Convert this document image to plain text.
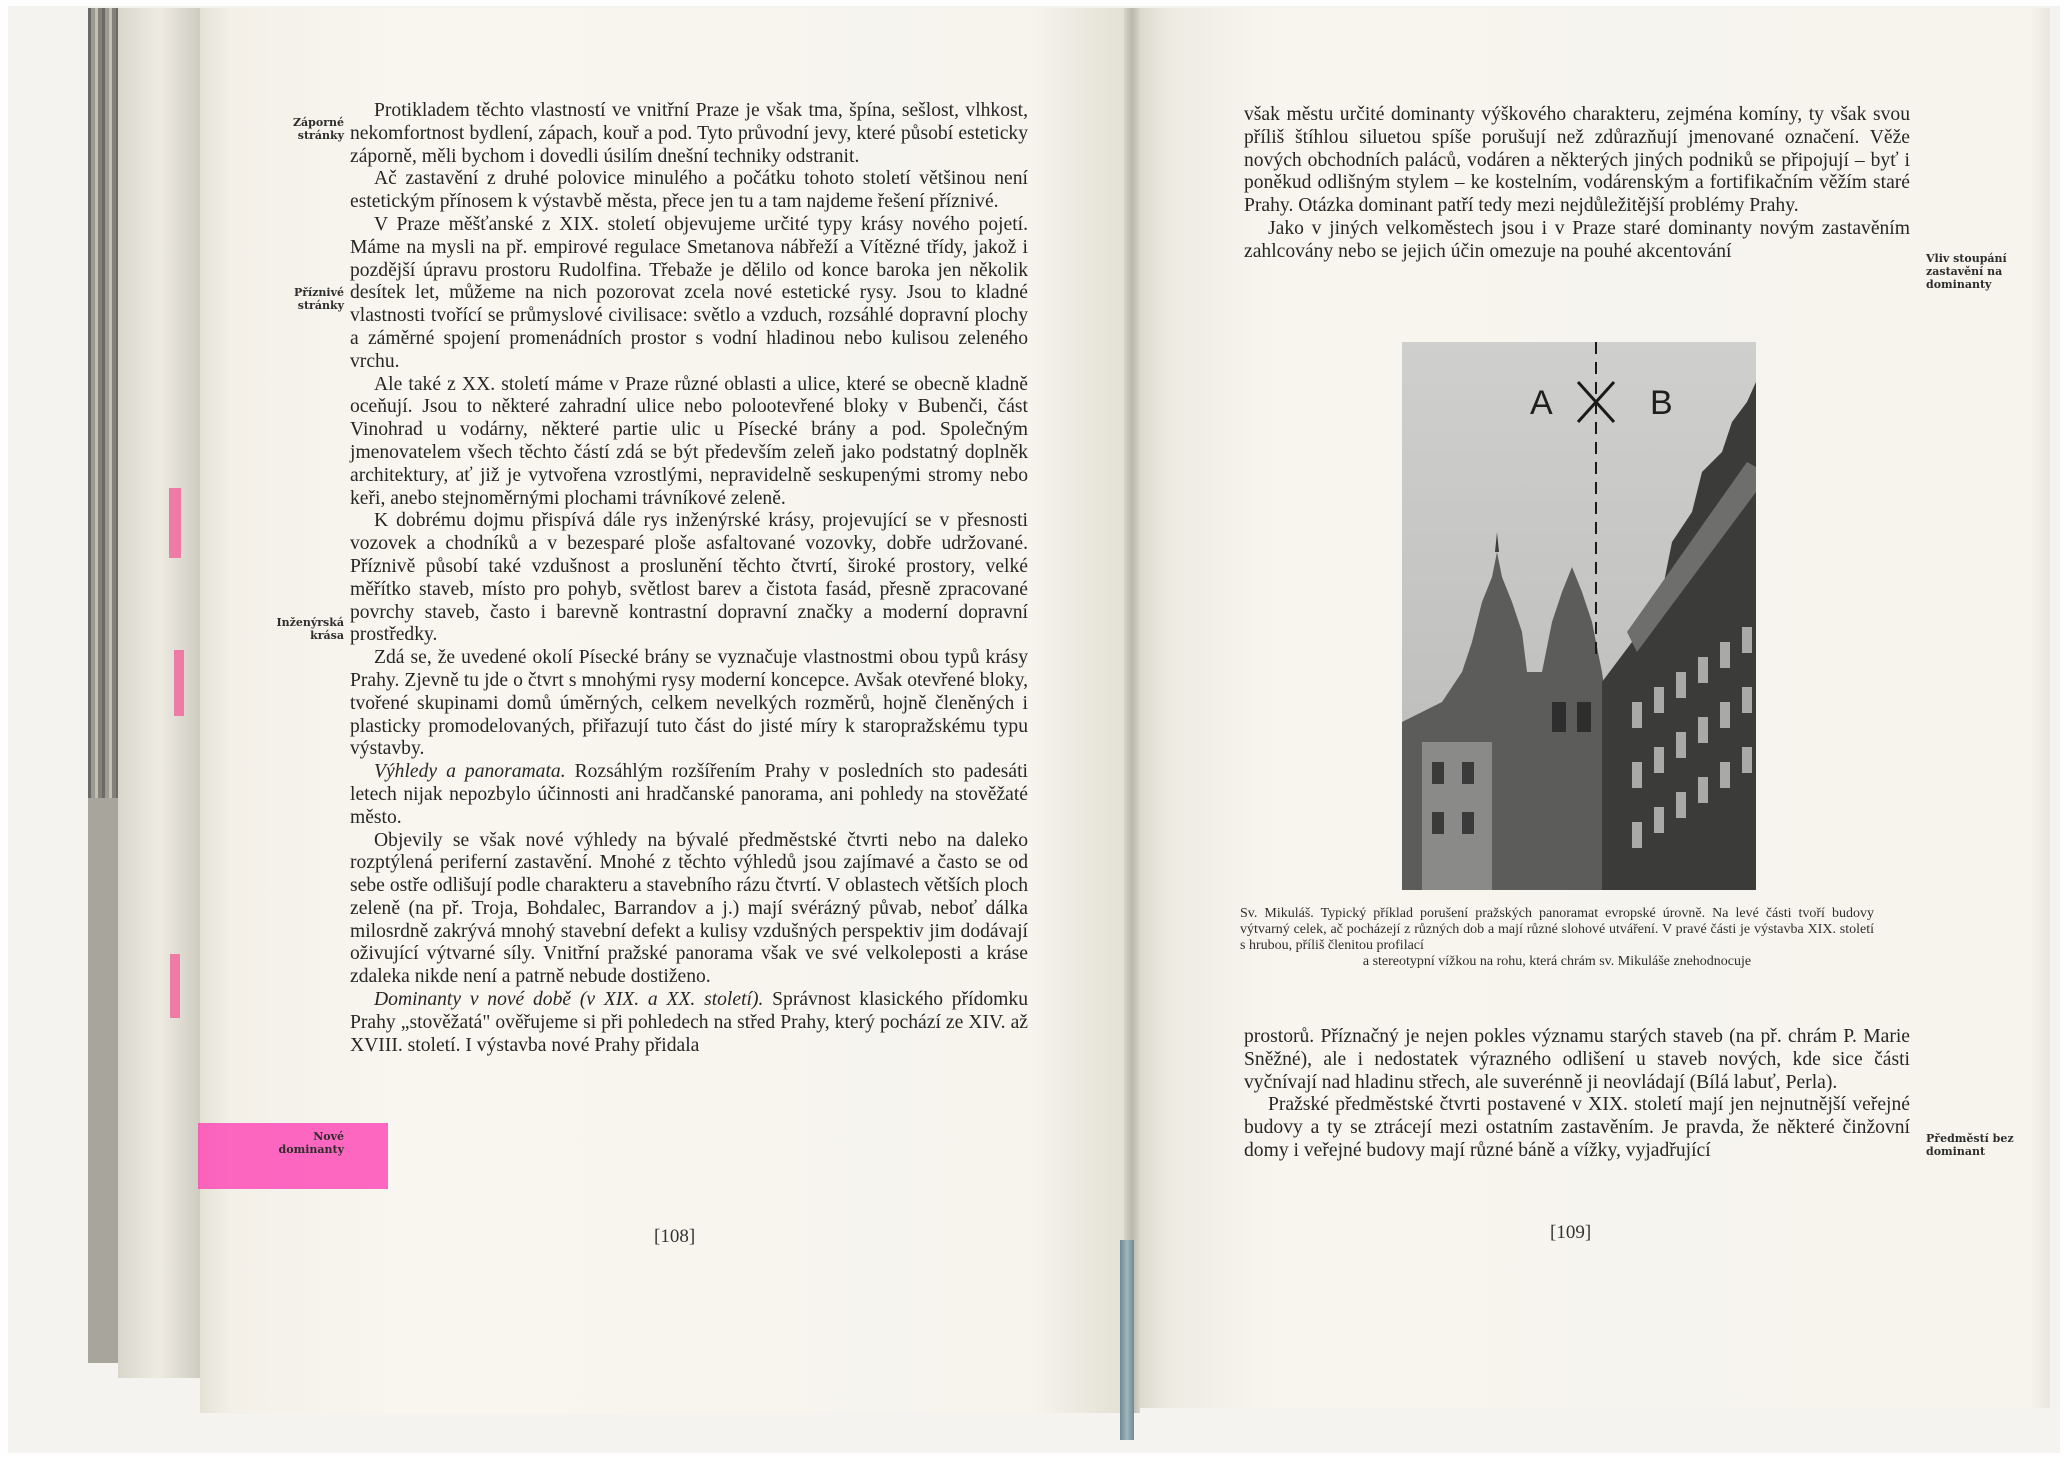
Záporné stránky
Příznivé stránky
Inženýrská krása
Nové dominanty

Protikladem těchto vlastností ve vnitřní Praze je však tma, špína, sešlost, vlhkost, nekomfortnost bydlení, zápach, kouř a pod. Tyto průvodní jevy, které působí esteticky záporně, měli bychom i dovedli úsilím dnešní techniky odstranit.

Ač zastavění z druhé polovice minulého a počátku tohoto století většinou není estetickým přínosem k výstavbě města, přece jen tu a tam najdeme řešení příznivé.

V Praze měšťanské z XIX. století objevujeme určité typy krásy nového pojetí. Máme na mysli na př. empirové regulace Smetanova nábřeží a Vítězné třídy, jakož i pozdější úpravu prostoru Rudolfina. Třebaže je dělilo od konce baroka jen několik desítek let, můžeme na nich pozorovat zcela nové estetické rysy. Jsou to kladné vlastnosti tvořící se průmyslové civilisace: světlo a vzduch, rozsáhlé dopravní plochy a záměrné spojení promenádních prostor s vodní hladinou nebo kulisou zeleného vrchu.

Ale také z XX. století máme v Praze různé oblasti a ulice, které se obecně kladně oceňují. Jsou to některé zahradní ulice nebo polootevřené bloky v Bubenči, část Vinohrad u vodárny, některé partie ulic u Písecké brány a pod. Společným jmenovatelem všech těchto částí zdá se být především zeleň jako podstatný doplněk architektury, ať již je vytvořena vzrostlými, nepravidelně seskupenými stromy nebo keři, anebo stejnoměrnými plochami trávníkové zeleně.

K dobrému dojmu přispívá dále rys inženýrské krásy, projevující se v přesnosti vozovek a chodníků a v bezesparé ploše asfaltované vozovky, dobře udržované. Příznivě působí také vzdušnost a proslunění těchto čtvrtí, široké prostory, velké měřítko staveb, místo pro pohyb, světlost barev a čistota fasád, přesně zpracované povrchy staveb, často i barevně kontrastní dopravní značky a moderní dopravní prostředky.

Zdá se, že uvedené okolí Písecké brány se vyznačuje vlastnostmi obou typů krásy Prahy. Zjevně tu jde o čtvrt s mnohými rysy moderní koncepce. Avšak otevřené bloky, tvořené skupinami domů úměrných, celkem nevelkých rozměrů, hojně členěných i plasticky promodelovaných, přiřazují tuto část do jisté míry k staropražskému typu výstavby.

Výhledy a panoramata. Rozsáhlým rozšířením Prahy v posledních sto padesáti letech nijak nepozbylo účinnosti ani hradčanské panorama, ani pohledy na stověžaté město.

Objevily se však nové výhledy na bývalé předměstské čtvrti nebo na daleko rozptýlená periferní zastavění. Mnohé z těchto výhledů jsou zajímavé a často se od sebe ostře odlišují podle charakteru a stavebního rázu čtvrtí. V oblastech větších ploch zeleně (na př. Troja, Bohdalec, Barrandov a j.) mají svérázný půvab, neboť dálka milosrdně zakrývá mnohý stavební defekt a kulisy vzdušných perspektiv jim dodávají oživující výtvarné síly. Vnitřní pražské panorama však ve své velkoleposti a kráse zdaleka nikde není a patrně nebude dostiženo.

Dominanty v nové době (v XIX. a XX. století). Správnost klasického přídomku Prahy „stověžatá" ověřujeme si při pohledech na střed Prahy, který pochází ze XIV. až XVIII. století. I výstavba nové Prahy přidala

[108]

však městu určité dominanty výškového charakteru, zejména komíny, ty však svou příliš štíhlou siluetou spíše porušují než zdůrazňují jmenované označení. Věže nových obchodních paláců, vodáren a některých jiných podniků se připojují – byť i poněkud odlišným stylem – ke kostelním, vodárenským a fortifikačním věžím staré Prahy. Otázka dominant patří tedy mezi nejdůležitější problémy Prahy.

Jako v jiných velkoměstech jsou i v Praze staré dominanty novým zastavěním zahlcovány nebo se jejich účin omezuje na pouhé akcentování	Vliv stoupání zastavění na dominanty
A	B

Sv. Mikuláš. Typický příklad porušení pražských panoramat evropské úrovně. Na levé části tvoří budovy výtvarný celek, ač pocházejí z různých dob a mají různé slohové utváření. V pravé části je výstavba XIX. století s hrubou, příliš členitou profilací

a stereotypní vížkou na rohu, která chrám sv. Mikuláše znehodnocuje

prostorů. Příznačný je nejen pokles významu starých staveb (na př. chrám P. Marie Sněžné), ale i nedostatek výrazného odlišení u staveb nových, kde sice části vyčnívají nad hladinu střech, ale suverénně ji neovládají (Bílá labuť, Perla).

Pražské předměstské čtvrti postavené v XIX. století mají jen nejnutnější veřejné budovy a ty se ztrácejí mezi ostatním zastavěním. Je pravda, že některé činžovní domy i veřejné budovy mají různé báně a vížky, vyjadřující

Předměstí bez dominant
[109]
